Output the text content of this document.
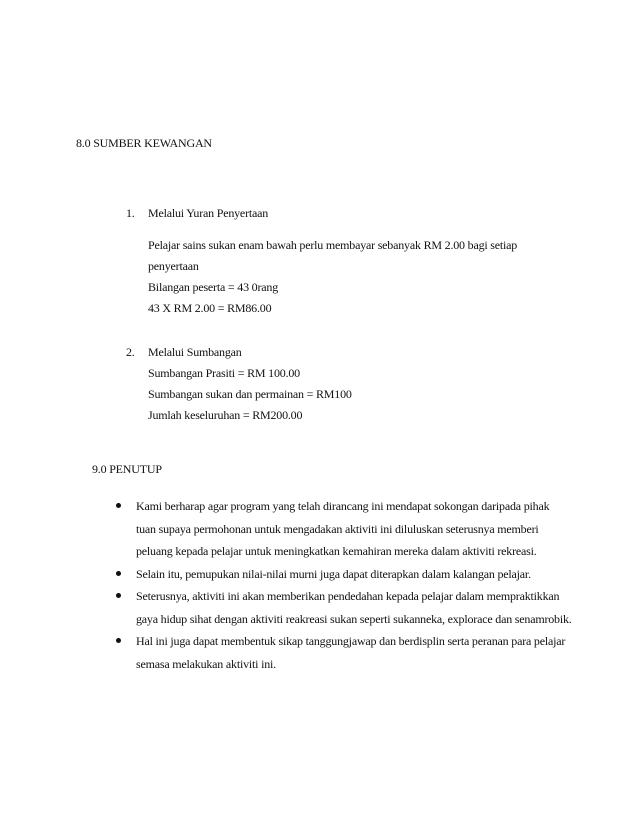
8.0 SUMBER KEWANGAN
1. Melalui Yuran Penyertaan
Pelajar sains sukan enam bawah perlu membayar sebanyak RM 2.00 bagi setiap
penyertaan
Bilangan peserta = 43 0rang
43 X RM 2.00 = RM86.00
2. Melalui Sumbangan
Sumbangan Prasiti = RM 100.00
Sumbangan sukan dan permainan = RM100
Jumlah keseluruhan = RM200.00
9.0 PENUTUP
Kami berharap agar program yang telah dirancang ini mendapat sokongan daripada pihak
tuan supaya permohonan untuk mengadakan aktiviti ini diluluskan seterusnya memberi
peluang kepada pelajar untuk meningkatkan kemahiran mereka dalam aktiviti rekreasi.
Selain itu, pemupukan nilai-nilai murni juga dapat diterapkan dalam kalangan pelajar.
Seterusnya, aktiviti ini akan memberikan pendedahan kepada pelajar dalam mempraktikkan
gaya hidup sihat dengan aktiviti reakreasi sukan seperti sukanneka, explorace dan senamrobik.
Hal ini juga dapat membentuk sikap tanggungjawap dan berdisplin serta peranan para pelajar
semasa melakukan aktiviti ini.
